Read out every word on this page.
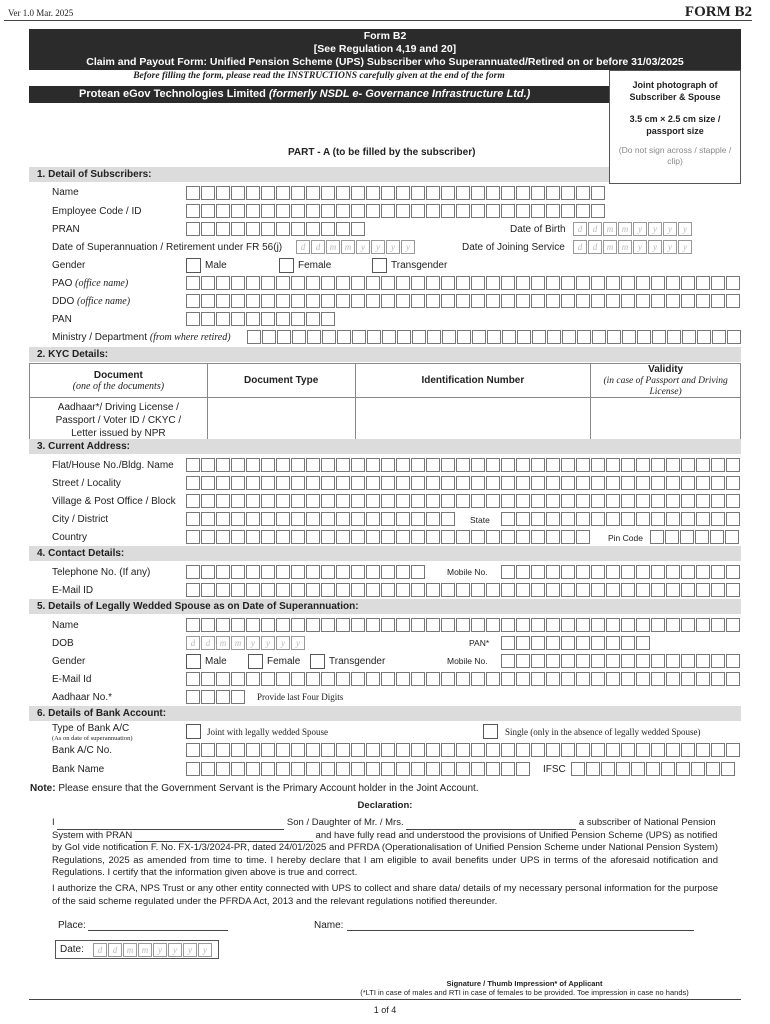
Ver 1.0 Mar. 2025	FORM B2
Form B2
[See Regulation 4,19 and 20]
Claim and Payout Form: Unified Pension Scheme (UPS) Subscriber who Superannuated/Retired on or before 31/03/2025
Before filling the form, please read the INSTRUCTIONS carefully given at the end of the form
Protean eGov Technologies Limited (formerly NSDL e- Governance Infrastructure Ltd.)
Joint photograph of Subscriber & Spouse
3.5 cm × 2.5 cm size / passport size
(Do not sign across / stapple / clip)
PART - A (to be filled by the subscriber)
1. Detail of Subscribers:
Name
Employee Code / ID
PRAN	Date of Birth	d	d	m m	y	y	y	y
Date of Superannuation / Retirement under FR 56(j)	d	d	m m	y	y	y	y	Date of Joining Service	d	d	m m	y	y	y	y
Gender	Male	Female	Transgender
PAO (office name)
DDO (office name)
PAN
Ministry / Department (from where retired)
2. KYC Details:
Document
(one of the documents)	Document Type	Identification Number	Validity
(in case of Passport and Driving License)
Aadhaar*/ Driving License /
Passport / Voter ID / CKYC /
Letter issued by NPR			
3. Current Address:
Flat/House No./Bldg. Name
Street / Locality
Village & Post Office / Block
City / District	State
Country	Pin Code
4. Contact Details:
Telephone No. (If any)	Mobile No.
E-Mail ID
5. Details of Legally Wedded Spouse as on Date of Superannuation:
Name
DOB	d	d	m m	y	y	y	y	PAN*
Gender	Male	Female	Transgender	Mobile No.
E-Mail Id
Aadhaar No.*	Provide last Four Digits
6. Details of Bank Account:
Type of Bank A/C
(As on date of superannuation)
Joint with legally wedded Spouse	Single (only in the absence of legally wedded Spouse)
Bank A/C No.
Bank Name	IFSC
Note: Please ensure that the Government Servant is the Primary Account holder in the Joint Account.
Declaration:
I	Son / Daughter of Mr. / Mrs.	a subscriber of National Pension
System with PRAN	and have fully read and understood the provisions of Unified Pension Scheme (UPS) as notified
by GoI vide notification F. No. FX-1/3/2024-PR, dated 24/01/2025 and PFRDA (Operationalisation of Unified Pension Scheme under National Pension System) Regulations, 2025 as amended from time to time. I hereby declare that I am eligible to avail benefits under UPS in terms of the aforesaid notification and Regulations. I certify that the information given above is true and correct.
I authorize the CRA, NPS Trust or any other entity connected with UPS to collect and share data/ details of my necessary personal information for the purpose of the said scheme regulated under the PFRDA Act, 2013 and the relevant regulations notified thereunder.
Place:	Name:
Date:	d	d	m m	y	y	y	y
Signature / Thumb Impression* of Applicant
(*LTI in case of males and RTI in case of females to be provided. Toe impression in case no hands)
1 of 4
